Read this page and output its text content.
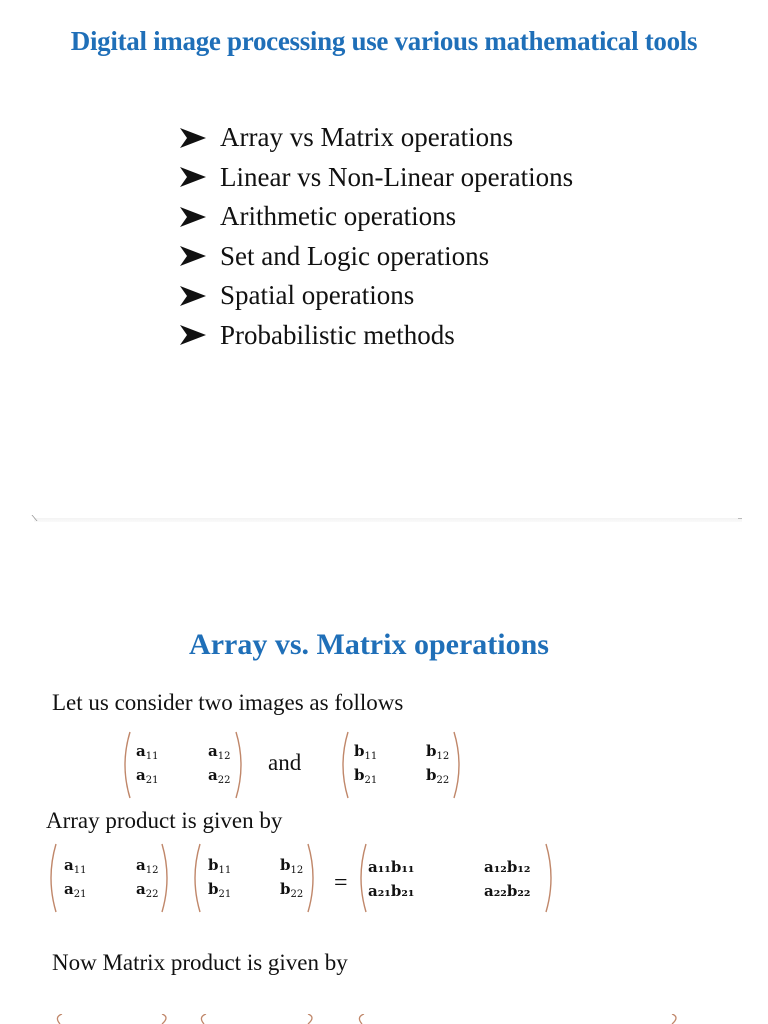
Digital image processing use various mathematical tools
Array vs Matrix operations
Linear vs Non-Linear operations
Arithmetic operations
Set and Logic operations
Spatial operations
Probabilistic methods
Array vs. Matrix operations
Let us consider two images as follows
$a_{11}$	$a_{12}$
$a_{21}$	$a_{22}$
and	$b_{11}$	$b_{12}$
$b_{21}$	$b_{22}$
Array product is given by
$a_{11}$	$a_{12}$
$a_{21}$	$a_{22}$
$b_{11}$	$b_{12}$
$b_{21}$	$b_{22}$ =
a₁₁b₁₁	a₁₂b₁₂
a₂₁b₂₁	a₂₂b₂₂
Now Matrix product is given by
